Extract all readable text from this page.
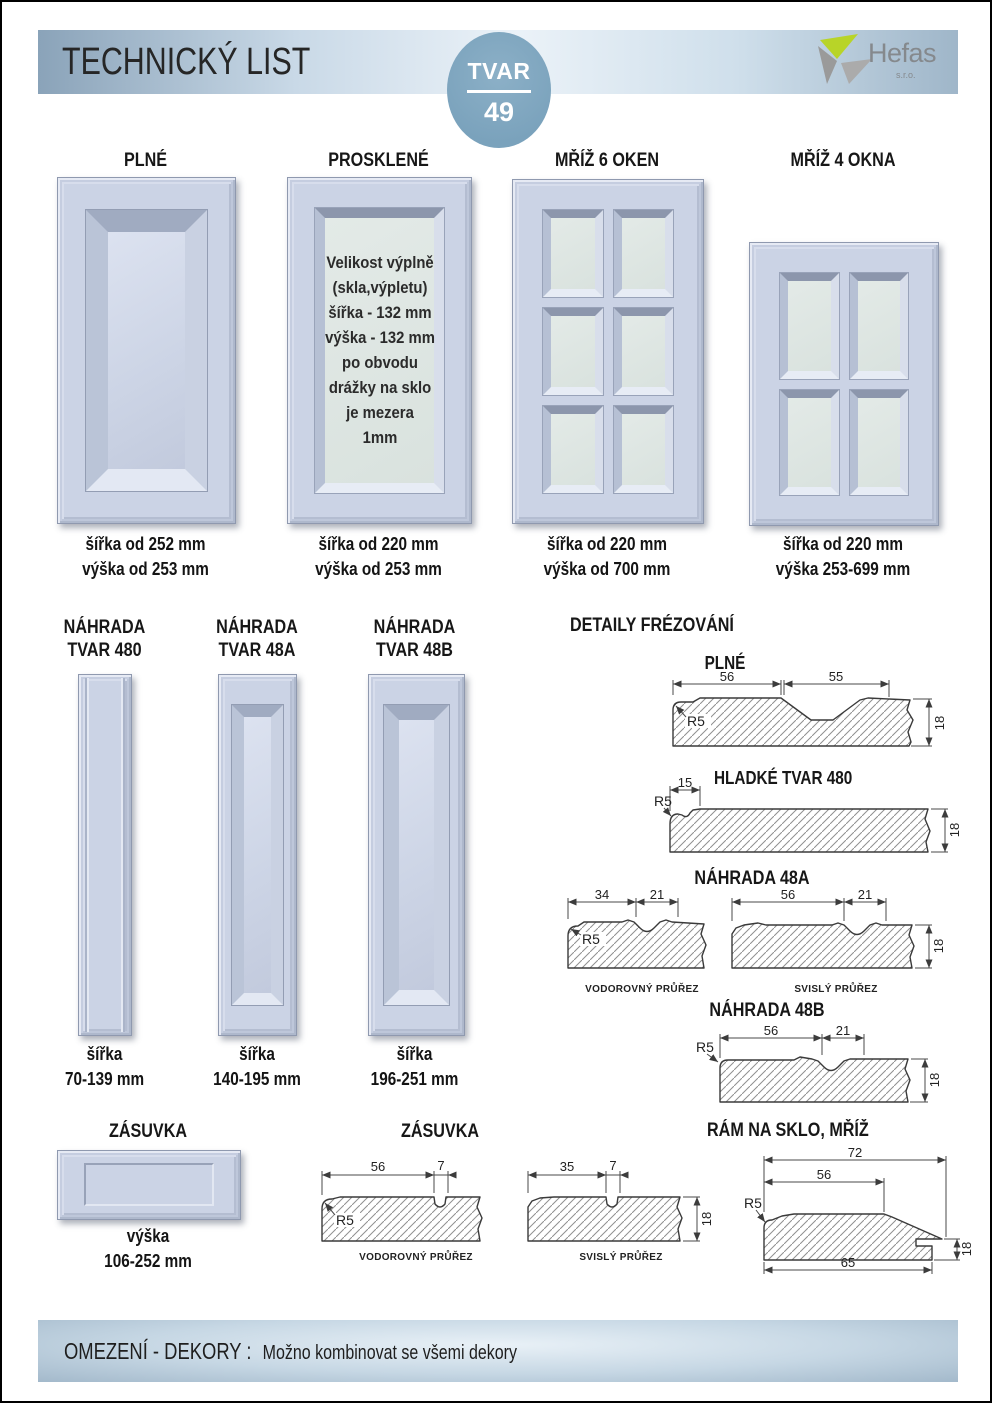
TECHNICKÝ LIST	TVAR
49
Hefas
s.r.o.
PLNÉ	PROSKLENÉ	MŘÍŽ 6 OKEN	MŘÍŽ 4 OKNA
Velikost výplně
(skla,výpletu)
šířka - 132 mm
výška - 132 mm
po obvodu
drážky na sklo
je mezera
1mm
šířka od 252 mm
výška od 253 mm
šířka od 220 mm
výška od 253 mm
šířka od 220 mm
výška od 700 mm
šířka od 220 mm
výška 253-699 mm
NÁHRADA
TVAR 480
NÁHRADA
TVAR 48A
NÁHRADA
TVAR 48B
šířka
70-139 mm
šířka
140-195 mm
šířka
196-251 mm
DETAILY FRÉZOVÁNÍ
PLNÉ
56	55
18
R5
HLADKÉ TVAR 480
15
R5
18
NÁHRADA 48A
34	21
R5
56	21
18
VODOROVNÝ PRŮŘEZ	SVISLÝ PRŮŘEZ
NÁHRADA 48B
56	21
R5
18
ZÁSUVKA
výška
106-252 mm
ZÁSUVKA
56	7
R5
35	7
18
VODOROVNÝ PRŮŘEZ	SVISLÝ PRŮŘEZ
RÁM NA SKLO, MŘÍŽ
72
56
65
R5
18
OMEZENÍ - DEKORY : Možno kombinovat se všemi dekory
